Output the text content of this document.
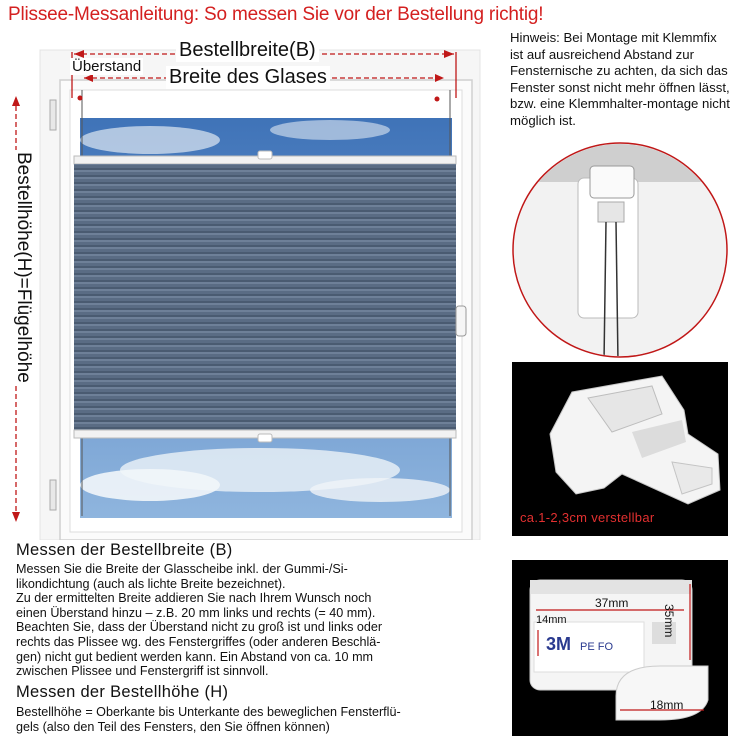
Plissee-Messanleitung: So messen Sie vor der Bestellung richtig!
Bestellbreite(B)
Überstand Breite des Glases
Bestellhöhe(H)=Flügelhöhe
Hinweis: Bei Montage mit Klemmfix ist auf ausreichend Abstand zur Fensternische zu achten, da sich das Fenster sonst nicht mehr öffnen lässt, bzw. eine Klemmhalter-montage nicht möglich ist.
ca.1-2,3cm verstellbar
3M PE FO
37mm
35mm
14mm
18mm
Messen der Bestellbreite (B)
Messen Sie die Breite der Glasscheibe inkl. der Gummi-/Si-
likondichtung (auch als lichte Breite bezeichnet).
Zu der ermittelten Breite addieren Sie nach Ihrem Wunsch noch
einen Überstand hinzu – z.B. 20 mm links und rechts (= 40 mm).
Beachten Sie, dass der Überstand nicht zu groß ist und links oder
rechts das Plissee wg. des Fenstergriffes (oder anderen Beschlä-
gen) nicht gut bedient werden kann. Ein Abstand von ca. 10 mm
zwischen Plissee und Fenstergriff ist sinnvoll.
Messen der Bestellhöhe (H)
Bestellhöhe = Oberkante bis Unterkante des beweglichen Fensterflü-
gels (also den Teil des Fensters, den Sie öffnen können)
